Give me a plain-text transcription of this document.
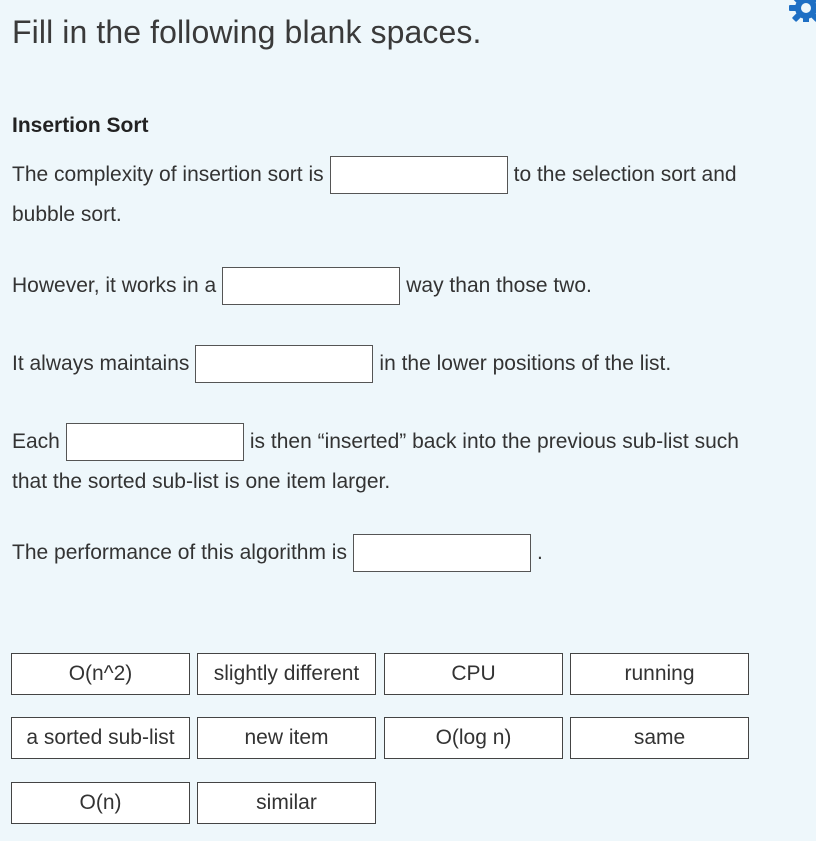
Fill in the following blank spaces.
Insertion Sort
The complexity of insertion sort is	to the selection sort and
bubble sort.
However, it works in a	way than those two.
It always maintains	in the lower positions of the list.
Each	is then “inserted” back into the previous sub-list such
that the sorted sub-list is one item larger.
The performance of this algorithm is	.
O(n^2)	slightly different	CPU	running
a sorted sub-list	new item	O(log n)	same
O(n)	similar
